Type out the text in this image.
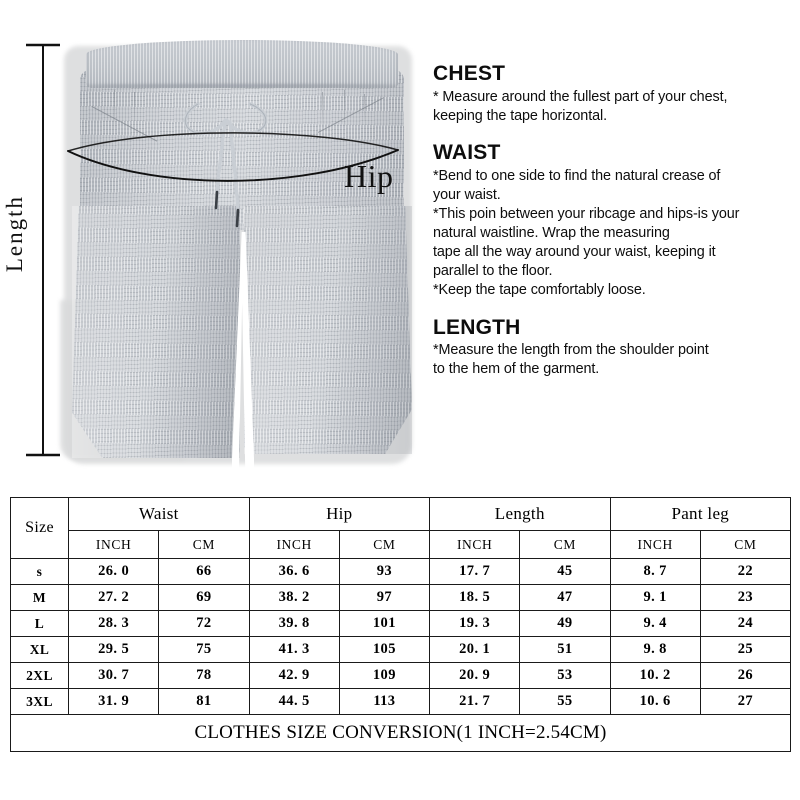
Length
Hip
CHEST

* Measure around the fullest part of your chest,

keeping the tape horizontal.

WAIST

*Bend to one side to find the natural crease of

your waist.

*This poin between your ribcage and hips-is your

natural waistline. Wrap the measuring

tape all the way around your waist, keeping it

parallel to the floor.

*Keep the tape comfortably loose.

LENGTH

*Measure the length from the shoulder point

to the hem of the garment.

Size	Waist		Hip		Length		Pant leg	
	INCH	CM	INCH	CM	INCH	CM	INCH	CM
s	26. 0	66	36. 6	93	17. 7	45	8. 7	22
M	27. 2	69	38. 2	97	18. 5	47	9. 1	23
L	28. 3	72	39. 8	101	19. 3	49	9. 4	24
XL	29. 5	75	41. 3	105	20. 1	51	9. 8	25
2XL	30. 7	78	42. 9	109	20. 9	53	10. 2	26
3XL	31. 9	81	44. 5	113	21. 7	55	10. 6	27
CLOTHES SIZE CONVERSION(1 INCH=2.54CM)								
